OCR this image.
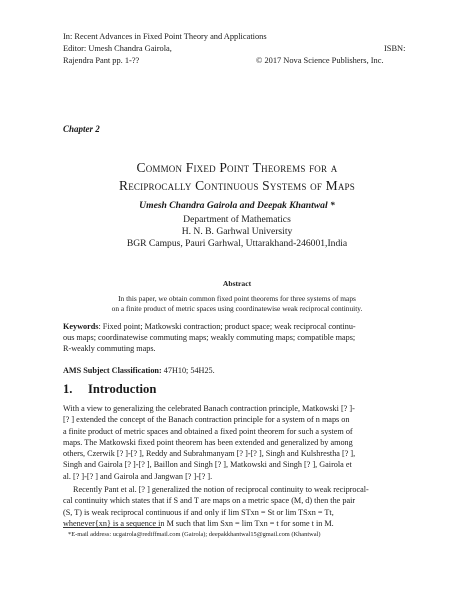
In: Recent Advances in Fixed Point Theory and Applications
Editor: Umesh Chandra Gairola,	ISBN:
Rajendra Pant pp. 1-??	© 2017 Nova Science Publishers, Inc.
Chapter 2
Common Fixed Point Theorems for a
Reciprocally Continuous Systems of Maps
Umesh Chandra Gairola and Deepak Khantwal *
Department of Mathematics
H. N. B. Garhwal University
BGR Campus, Pauri Garhwal, Uttarakhand-246001,India
Abstract
In this paper, we obtain common fixed point theorems for three systems of maps
on a finite product of metric spaces using coordinatewise weak reciprocal continuity.
Keywords: Fixed point; Matkowski contraction; product space; weak reciprocal continu-
ous maps; coordinatewise commuting maps; weakly commuting maps; compatible maps;
R-weakly commuting maps.
AMS Subject Classification: 47H10; 54H25.
1. Introduction
With a view to generalizing the celebrated Banach contraction principle, Matkowski [? ]-
[? ] extended the concept of the Banach contraction principle for a system of n maps on
a finite product of metric spaces and obtained a fixed point theorem for such a system of
maps. The Matkowski fixed point theorem has been extended and generalized by among
others, Czerwik [? ]-[? ], Reddy and Subrahmanyam [? ]-[? ], Singh and Kulshrestha [? ],
Singh and Gairola [? ]-[? ], Baillon and Singh [? ], Matkowski and Singh [? ], Gairola et
al. [? ]-[? ] and Gairola and Jangwan [? ]-[? ].
Recently Pant et al. [? ] generalized the notion of reciprocal continuity to weak reciprocal-
cal continuity which states that if S and T are maps on a metric space (M, d) then the pair
(S, T) is weak reciprocal continuous if and only if lim STxn = St or lim TSxn = Tt,
whenever{xn} is a sequence in M such that lim Sxn = lim Txn = t for some t in M.
*E-mail address: ucgairola@rediffmail.com (Gairola); deepakkhantwal15@gmail.com (Khantwal)
